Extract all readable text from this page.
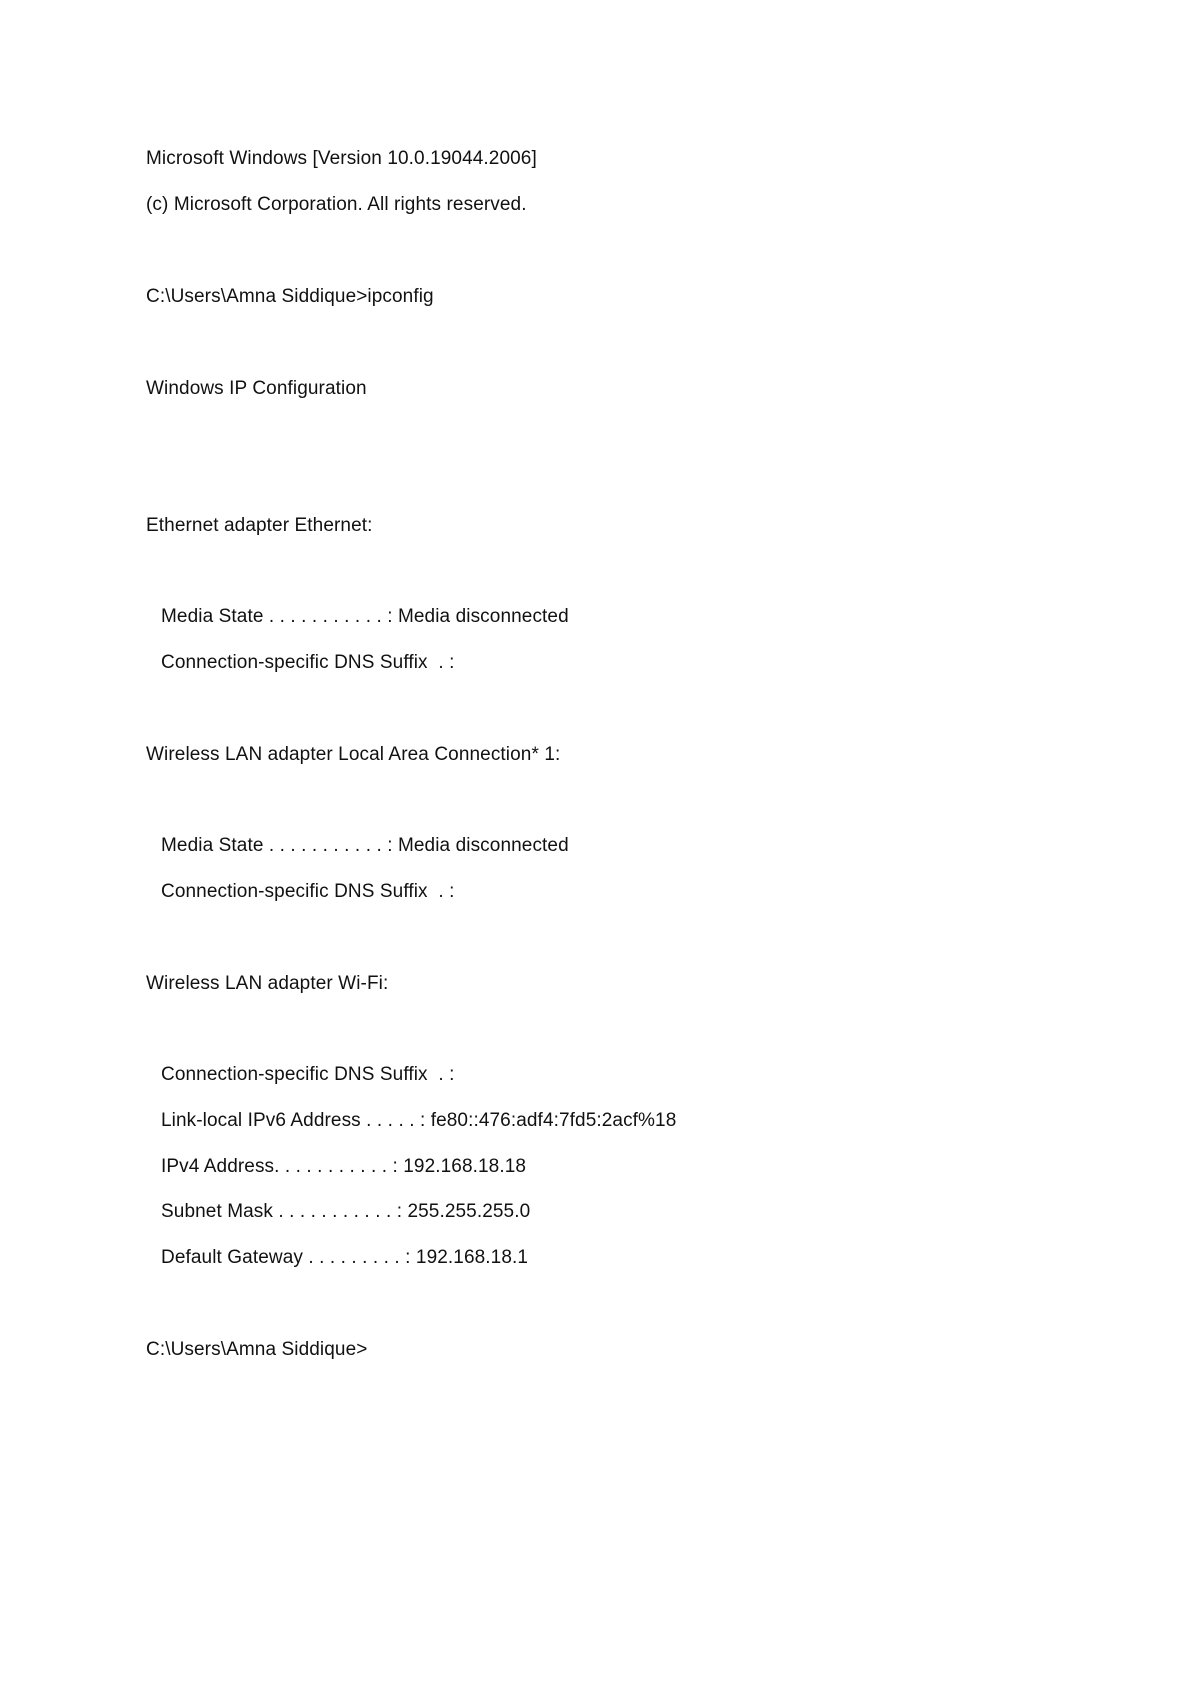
Microsoft Windows [Version 10.0.19044.2006]
(c) Microsoft Corporation. All rights reserved.
C:\Users\Amna Siddique>ipconfig
Windows IP Configuration
Ethernet adapter Ethernet:
Media State . . . . . . . . . . . : Media disconnected
Connection-specific DNS Suffix  . :
Wireless LAN adapter Local Area Connection* 1:
Media State . . . . . . . . . . . : Media disconnected
Connection-specific DNS Suffix  . :
Wireless LAN adapter Wi-Fi:
Connection-specific DNS Suffix  . :
Link-local IPv6 Address . . . . . : fe80::476:adf4:7fd5:2acf%18
IPv4 Address. . . . . . . . . . . : 192.168.18.18
Subnet Mask . . . . . . . . . . . : 255.255.255.0
Default Gateway . . . . . . . . . : 192.168.18.1
C:\Users\Amna Siddique>
